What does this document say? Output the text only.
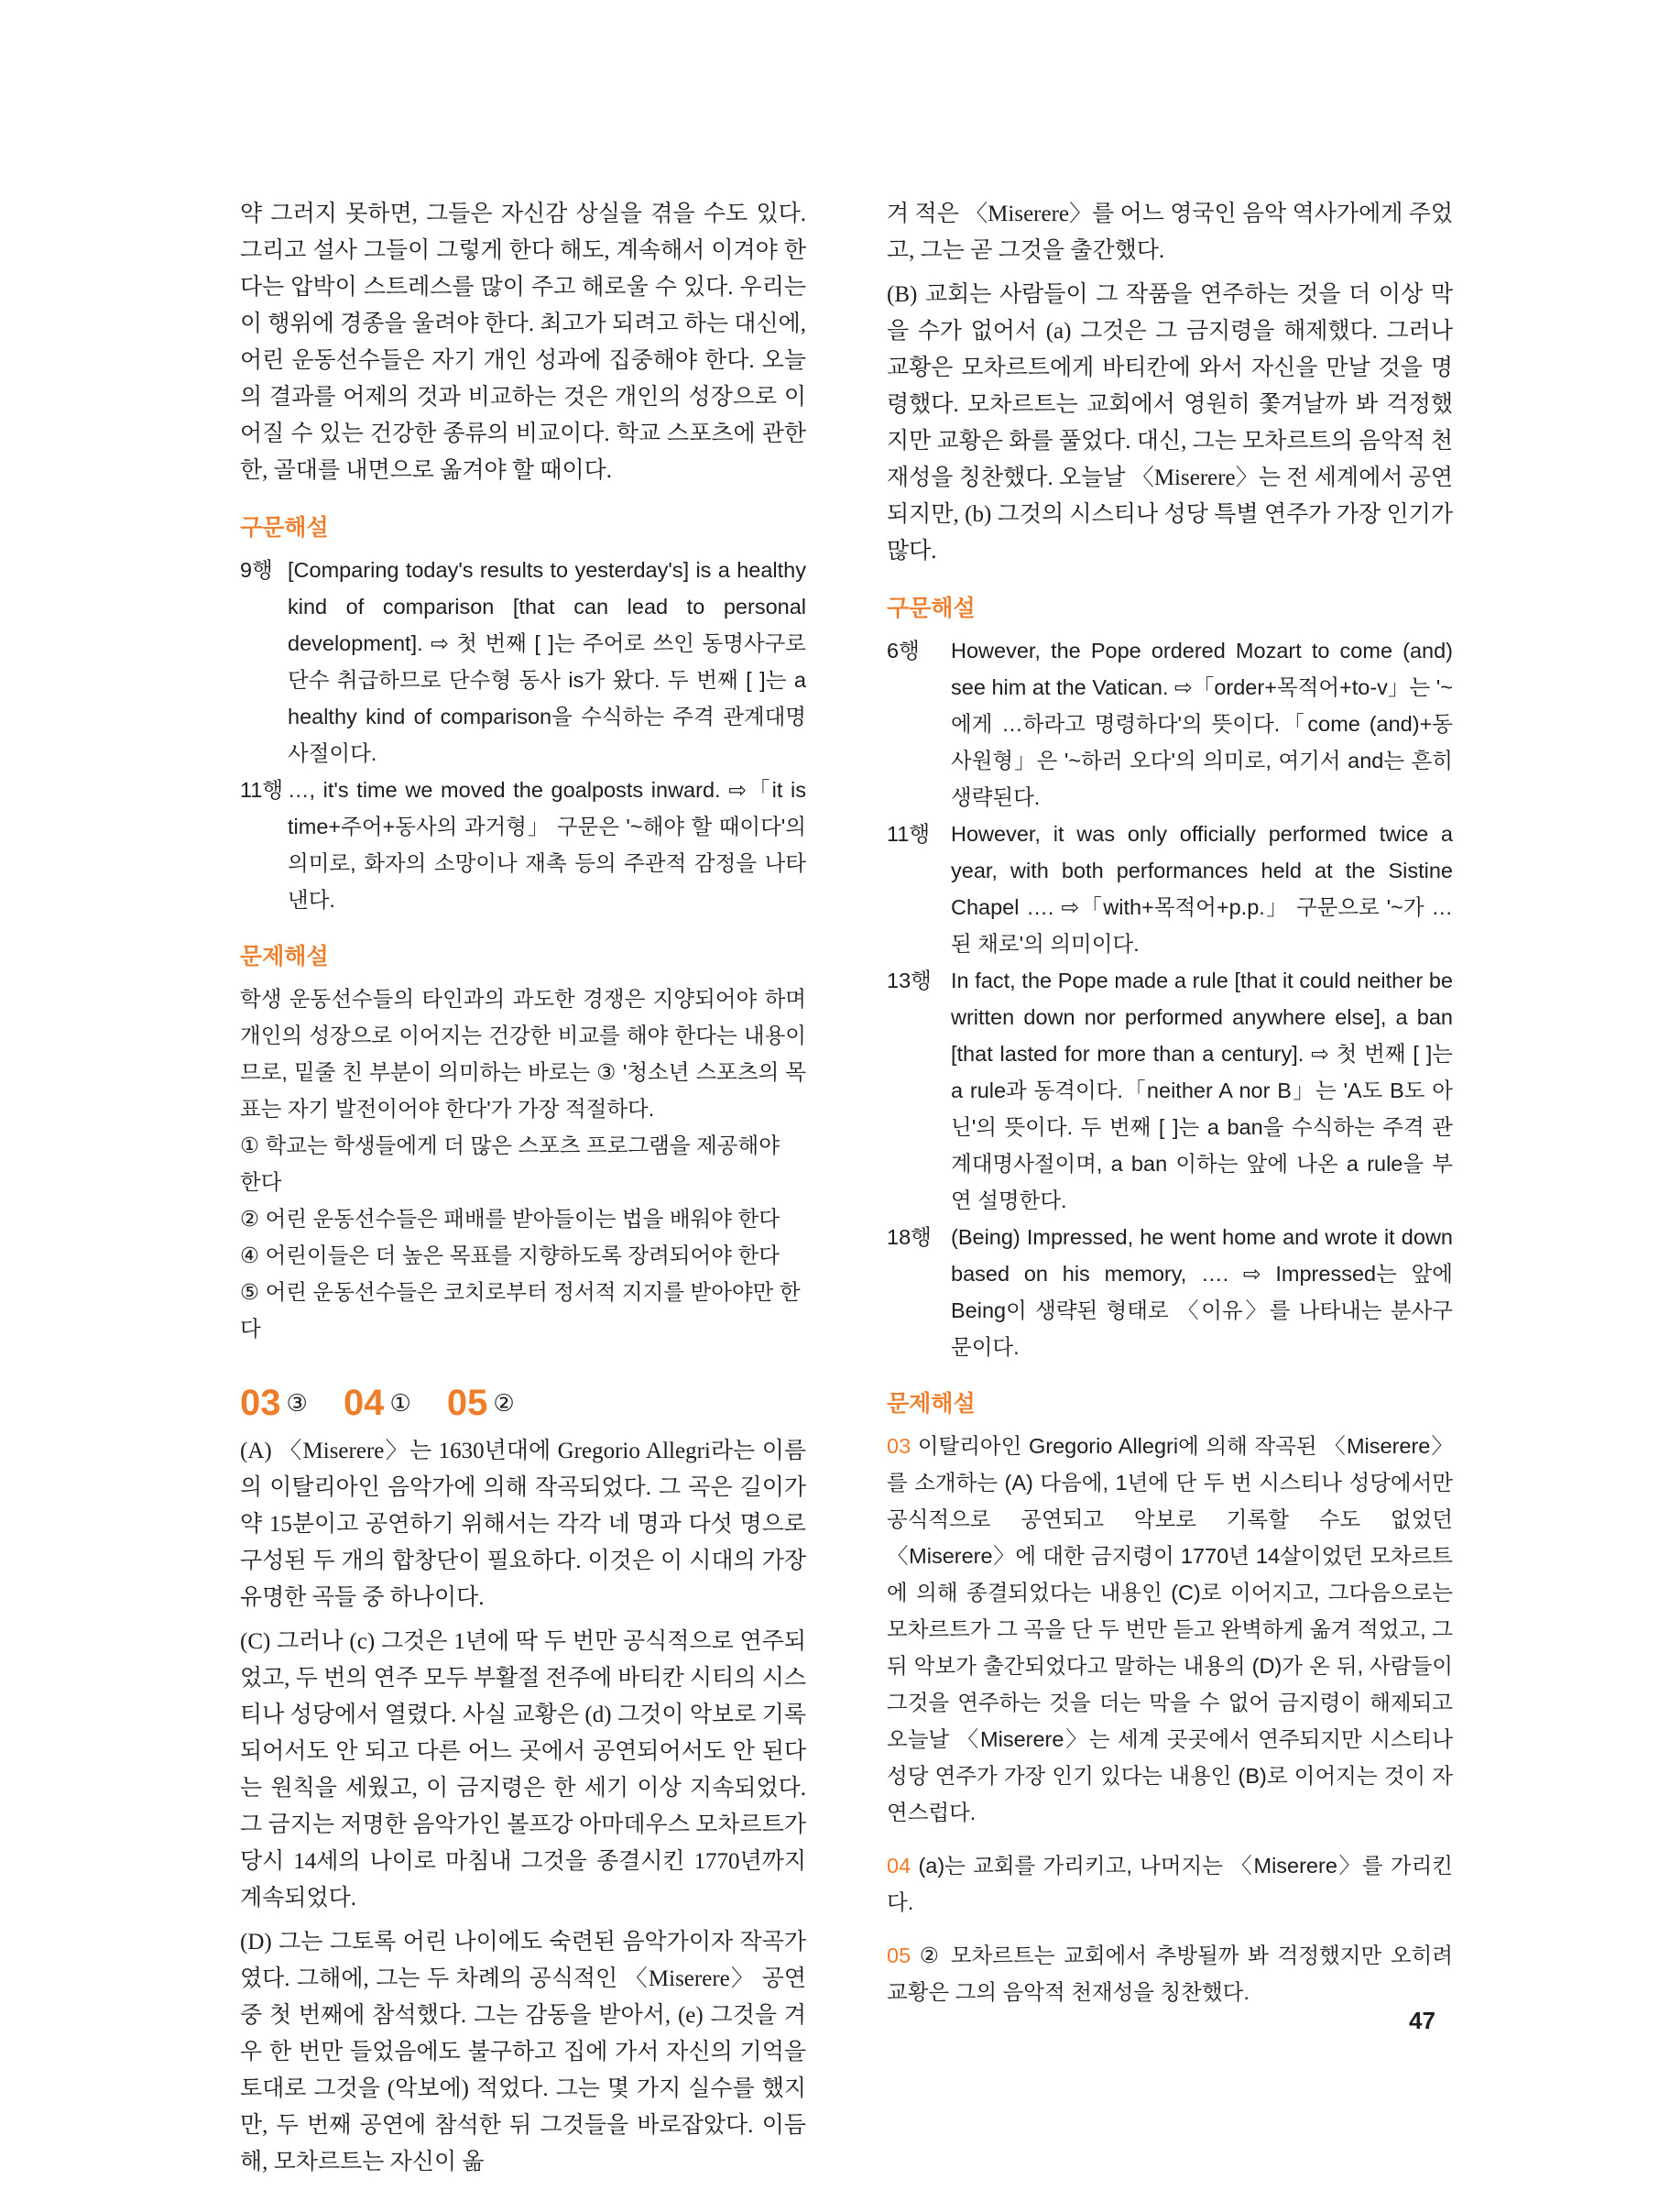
약 그러지 못하면, 그들은 자신감 상실을 겪을 수도 있다. 그리고 설사 그들이 그렇게 한다 해도, 계속해서 이겨야 한다는 압박이 스트레스를 많이 주고 해로울 수 있다. 우리는 이 행위에 경종을 울려야 한다. 최고가 되려고 하는 대신에, 어린 운동선수들은 자기 개인 성과에 집중해야 한다. 오늘의 결과를 어제의 것과 비교하는 것은 개인의 성장으로 이어질 수 있는 건강한 종류의 비교이다. 학교 스포츠에 관한 한, 골대를 내면으로 옮겨야 할 때이다.

구문해설
9행 [Comparing today's results to yesterday's] is a healthy kind of comparison [that can lead to personal development]. ⇨ 첫 번째 [ ]는 주어로 쓰인 동명사구로 단수 취급하므로 단수형 동사 is가 왔다. 두 번째 [ ]는 a healthy kind of comparison을 수식하는 주격 관계대명사절이다.
11행 …, it's time we moved the goalposts inward. ⇨「it is time+주어+동사의 과거형」 구문은 '~해야 할 때이다'의 의미로, 화자의 소망이나 재촉 등의 주관적 감정을 나타낸다.
문제해설
학생 운동선수들의 타인과의 과도한 경쟁은 지양되어야 하며 개인의 성장으로 이어지는 건강한 비교를 해야 한다는 내용이므로, 밑줄 친 부분이 의미하는 바로는 ③ '청소년 스포츠의 목표는 자기 발전이어야 한다'가 가장 적절하다.
① 학교는 학생들에게 더 많은 스포츠 프로그램을 제공해야 한다
② 어린 운동선수들은 패배를 받아들이는 법을 배워야 한다
④ 어린이들은 더 높은 목표를 지향하도록 장려되어야 한다
⑤ 어린 운동선수들은 코치로부터 정서적 지지를 받아야만 한다
03 ③ 04 ① 05 ②

(A) 〈Miserere〉는 1630년대에 Gregorio Allegri라는 이름의 이탈리아인 음악가에 의해 작곡되었다. 그 곡은 길이가 약 15분이고 공연하기 위해서는 각각 네 명과 다섯 명으로 구성된 두 개의 합창단이 필요하다. 이것은 이 시대의 가장 유명한 곡들 중 하나이다.

(C) 그러나 (c) 그것은 1년에 딱 두 번만 공식적으로 연주되었고, 두 번의 연주 모두 부활절 전주에 바티칸 시티의 시스티나 성당에서 열렸다. 사실 교황은 (d) 그것이 악보로 기록되어서도 안 되고 다른 어느 곳에서 공연되어서도 안 된다는 원칙을 세웠고, 이 금지령은 한 세기 이상 지속되었다. 그 금지는 저명한 음악가인 볼프강 아마데우스 모차르트가 당시 14세의 나이로 마침내 그것을 종결시킨 1770년까지 계속되었다.

(D) 그는 그토록 어린 나이에도 숙련된 음악가이자 작곡가였다. 그해에, 그는 두 차례의 공식적인 〈Miserere〉 공연 중 첫 번째에 참석했다. 그는 감동을 받아서, (e) 그것을 겨우 한 번만 들었음에도 불구하고 집에 가서 자신의 기억을 토대로 그것을 (악보에) 적었다. 그는 몇 가지 실수를 했지만, 두 번째 공연에 참석한 뒤 그것들을 바로잡았다. 이듬해, 모차르트는 자신이 옮

겨 적은 〈Miserere〉를 어느 영국인 음악 역사가에게 주었고, 그는 곧 그것을 출간했다.

(B) 교회는 사람들이 그 작품을 연주하는 것을 더 이상 막을 수가 없어서 (a) 그것은 그 금지령을 해제했다. 그러나 교황은 모차르트에게 바티칸에 와서 자신을 만날 것을 명령했다. 모차르트는 교회에서 영원히 쫓겨날까 봐 걱정했지만 교황은 화를 풀었다. 대신, 그는 모차르트의 음악적 천재성을 칭찬했다. 오늘날 〈Miserere〉는 전 세계에서 공연되지만, (b) 그것의 시스티나 성당 특별 연주가 가장 인기가 많다.

구문해설
6행	However, the Pope ordered Mozart to come (and) see him at the Vatican. ⇨「order+목적어+to-v」는 '~에게 …하라고 명령하다'의 뜻이다.「come (and)+동사원형」은 '~하러 오다'의 의미로, 여기서 and는 흔히 생략된다.
11행 However, it was only officially performed twice a year, with both performances held at the Sistine Chapel …. ⇨「with+목적어+p.p.」 구문으로 '~가 …된 채로'의 의미이다.
13행 In fact, the Pope made a rule [that it could neither be written down nor performed anywhere else], a ban [that lasted for more than a century]. ⇨ 첫 번째 [ ]는 a rule과 동격이다.「neither A nor B」는 'A도 B도 아닌'의 뜻이다. 두 번째 [ ]는 a ban을 수식하는 주격 관계대명사절이며, a ban 이하는 앞에 나온 a rule을 부연 설명한다.
18행 (Being) Impressed, he went home and wrote it down based on his memory, …. ⇨ Impressed는 앞에 Being이 생략된 형태로 〈이유〉를 나타내는 분사구문이다.
문제해설
03 이탈리아인 Gregorio Allegri에 의해 작곡된 〈Miserere〉를 소개하는 (A) 다음에, 1년에 단 두 번 시스티나 성당에서만 공식적으로 공연되고 악보로 기록할 수도 없었던 〈Miserere〉에 대한 금지령이 1770년 14살이었던 모차르트에 의해 종결되었다는 내용인 (C)로 이어지고, 그다음으로는 모차르트가 그 곡을 단 두 번만 듣고 완벽하게 옮겨 적었고, 그 뒤 악보가 출간되었다고 말하는 내용의 (D)가 온 뒤, 사람들이 그것을 연주하는 것을 더는 막을 수 없어 금지령이 해제되고 오늘날 〈Miserere〉는 세계 곳곳에서 연주되지만 시스티나 성당 연주가 가장 인기 있다는 내용인 (B)로 이어지는 것이 자연스럽다.
04 (a)는 교회를 가리키고, 나머지는 〈Miserere〉를 가리킨다.
05 ② 모차르트는 교회에서 추방될까 봐 걱정했지만 오히려 교황은 그의 음악적 천재성을 칭찬했다.
47
